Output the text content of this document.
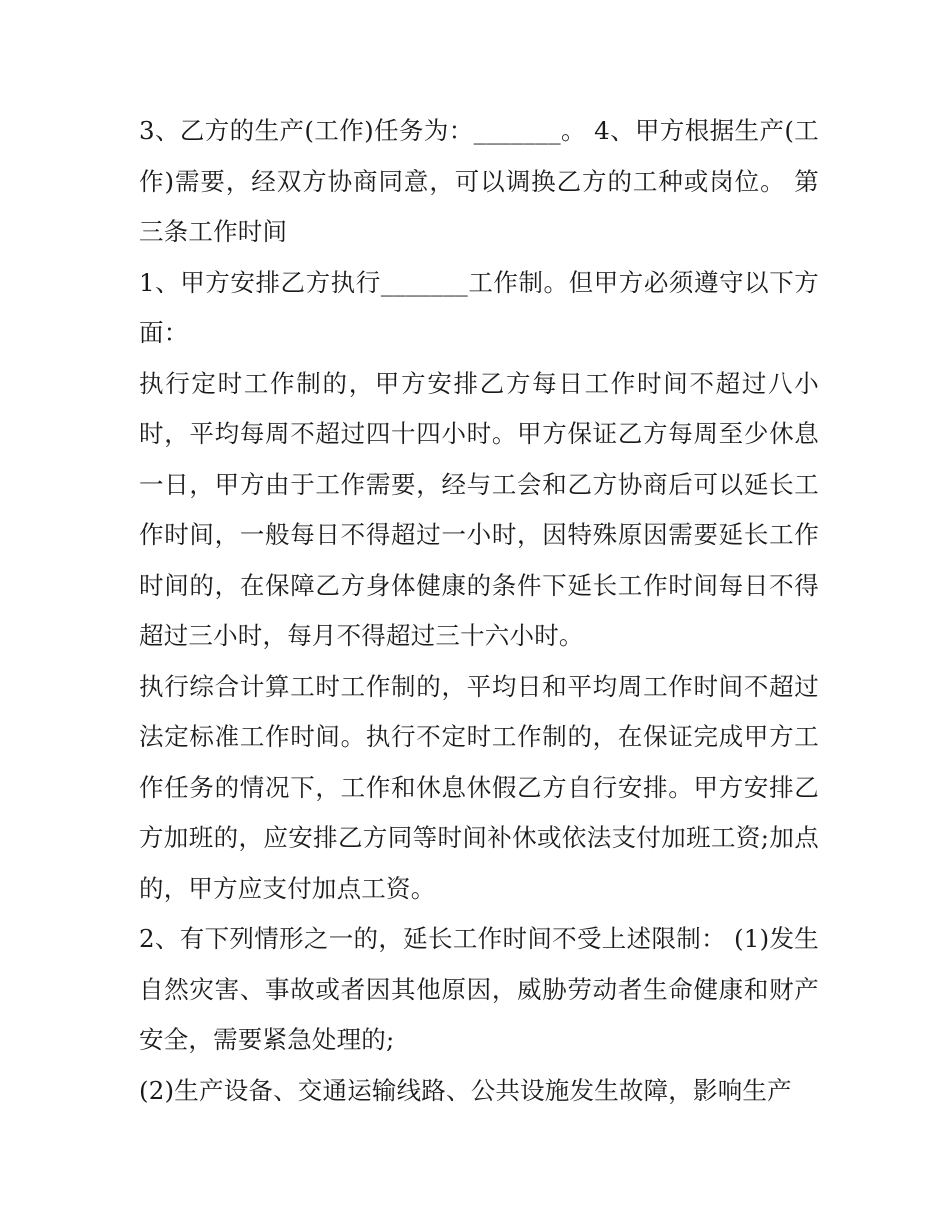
3、乙方的生产(工作)任务为：_______。 4、甲方根据生产(工作)需要，经双方协商同意，可以调换乙方的工种或岗位。 第三条工作时间

1、甲方安排乙方执行_______工作制。但甲方必须遵守以下方面：

执行定时工作制的，甲方安排乙方每日工作时间不超过八小时，平均每周不超过四十四小时。甲方保证乙方每周至少休息一日，甲方由于工作需要，经与工会和乙方协商后可以延长工作时间，一般每日不得超过一小时，因特殊原因需要延长工作时间的，在保障乙方身体健康的条件下延长工作时间每日不得超过三小时，每月不得超过三十六小时。

执行综合计算工时工作制的，平均日和平均周工作时间不超过法定标准工作时间。执行不定时工作制的，在保证完成甲方工作任务的情况下，工作和休息休假乙方自行安排。甲方安排乙方加班的，应安排乙方同等时间补休或依法支付加班工资;加点的，甲方应支付加点工资。

2、有下列情形之一的，延长工作时间不受上述限制： (1)发生自然灾害、事故或者因其他原因，威胁劳动者生命健康和财产安全，需要紧急处理的;

(2)生产设备、交通运输线路、公共设施发生故障，影响生产
